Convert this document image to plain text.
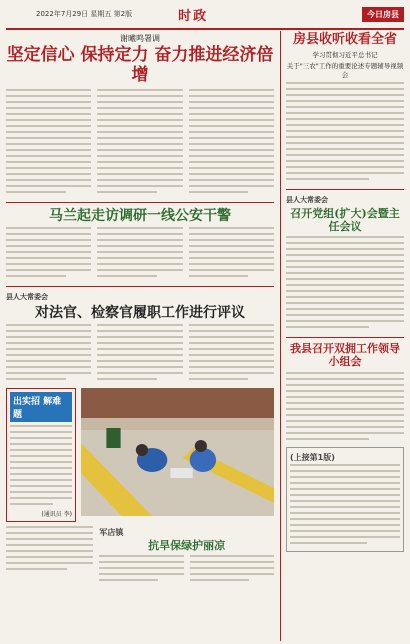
2022年7月29日 星期五 第2版	时政	今日房县
谢曦鸣署调
坚定信心 保持定力 奋力推进经济倍增
马兰起走访调研一线公安干警
县人大常委会
对法官、检察官履职工作进行评议
出实招 解难题
(通讯员 李)
军店镇
抗旱保绿护丽凉
房县收听收看全省
学习贯彻习近平总书记
关于"三农"工作的重要论述专题辅导视频会
县人大常委会
召开党组(扩大)会暨主任会议
我县召开双拥工作领导小组会
(上接第1版)
